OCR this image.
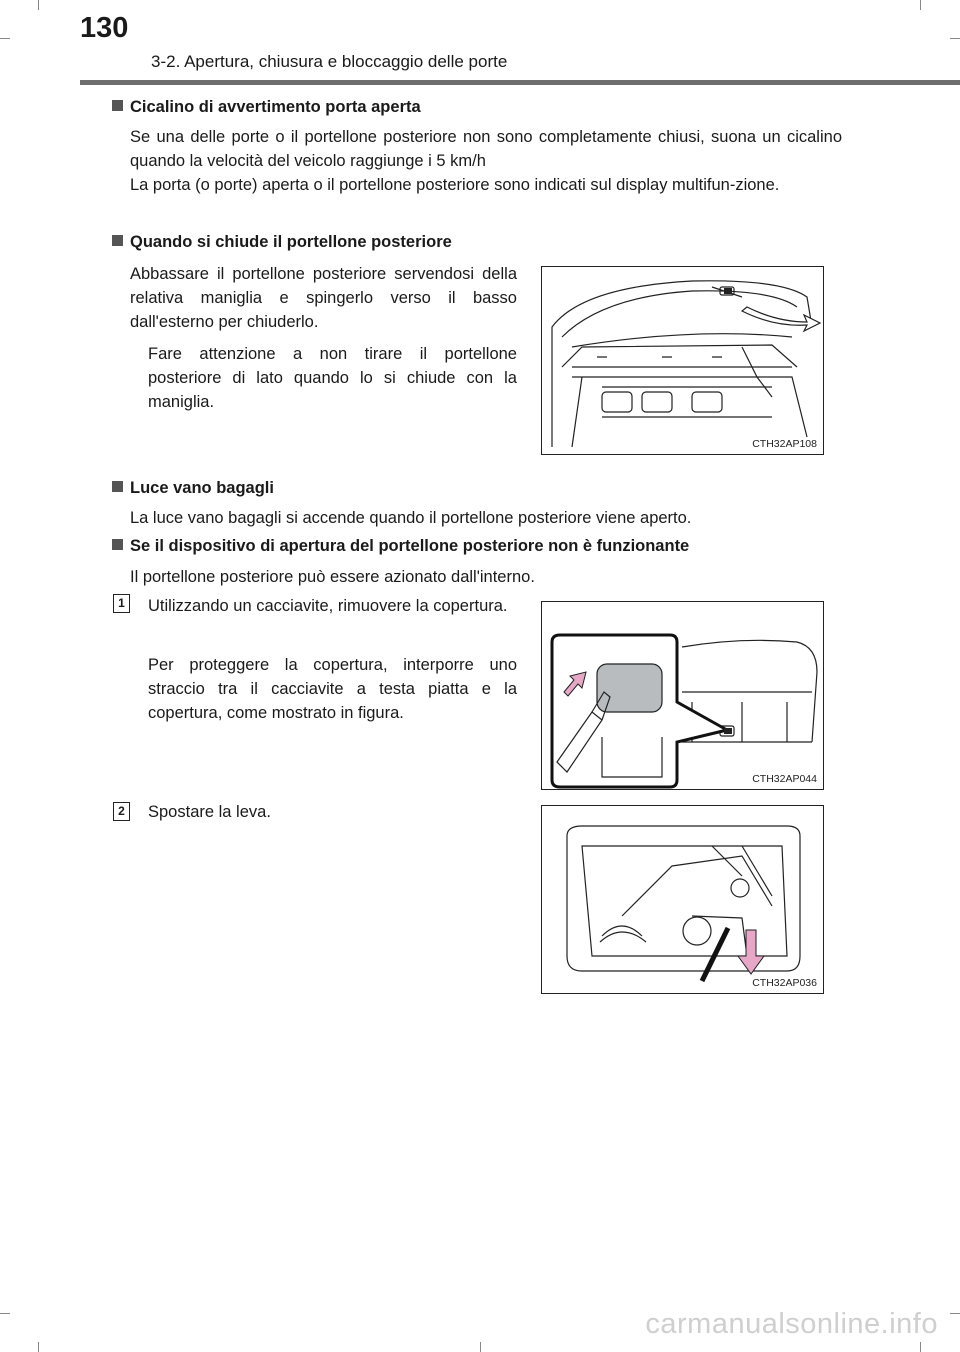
130
3-2. Apertura, chiusura e bloccaggio delle porte

Cicalino di avvertimento porta aperta

Se una delle porte o il portellone posteriore non sono completamente chiusi, suona un cicalino quando la velocità del veicolo raggiunge i 5 km/h

La porta (o porte) aperta o il portellone posteriore sono indicati sul display multifun-zione.

Quando si chiude il portellone posteriore

Abbassare il portellone posteriore servendosi della relativa maniglia e spingerlo verso il basso dall'esterno per chiuderlo.

Fare attenzione a non tirare il portellone posteriore di lato quando lo si chiude con la maniglia.

CTH32AP108

Luce vano bagagli

La luce vano bagagli si accende quando il portellone posteriore viene aperto.

Se il dispositivo di apertura del portellone posteriore non è funzionante

Il portellone posteriore può essere azionato dall'interno.

1	Utilizzando un cacciavite, rimuovere la copertura.

Per proteggere la copertura, interporre uno straccio tra il cacciavite a testa piatta e la copertura, come mostrato in figura.

CTH32AP044
2	Spostare la leva.

CTH32AP036
carmanualsonline.info
